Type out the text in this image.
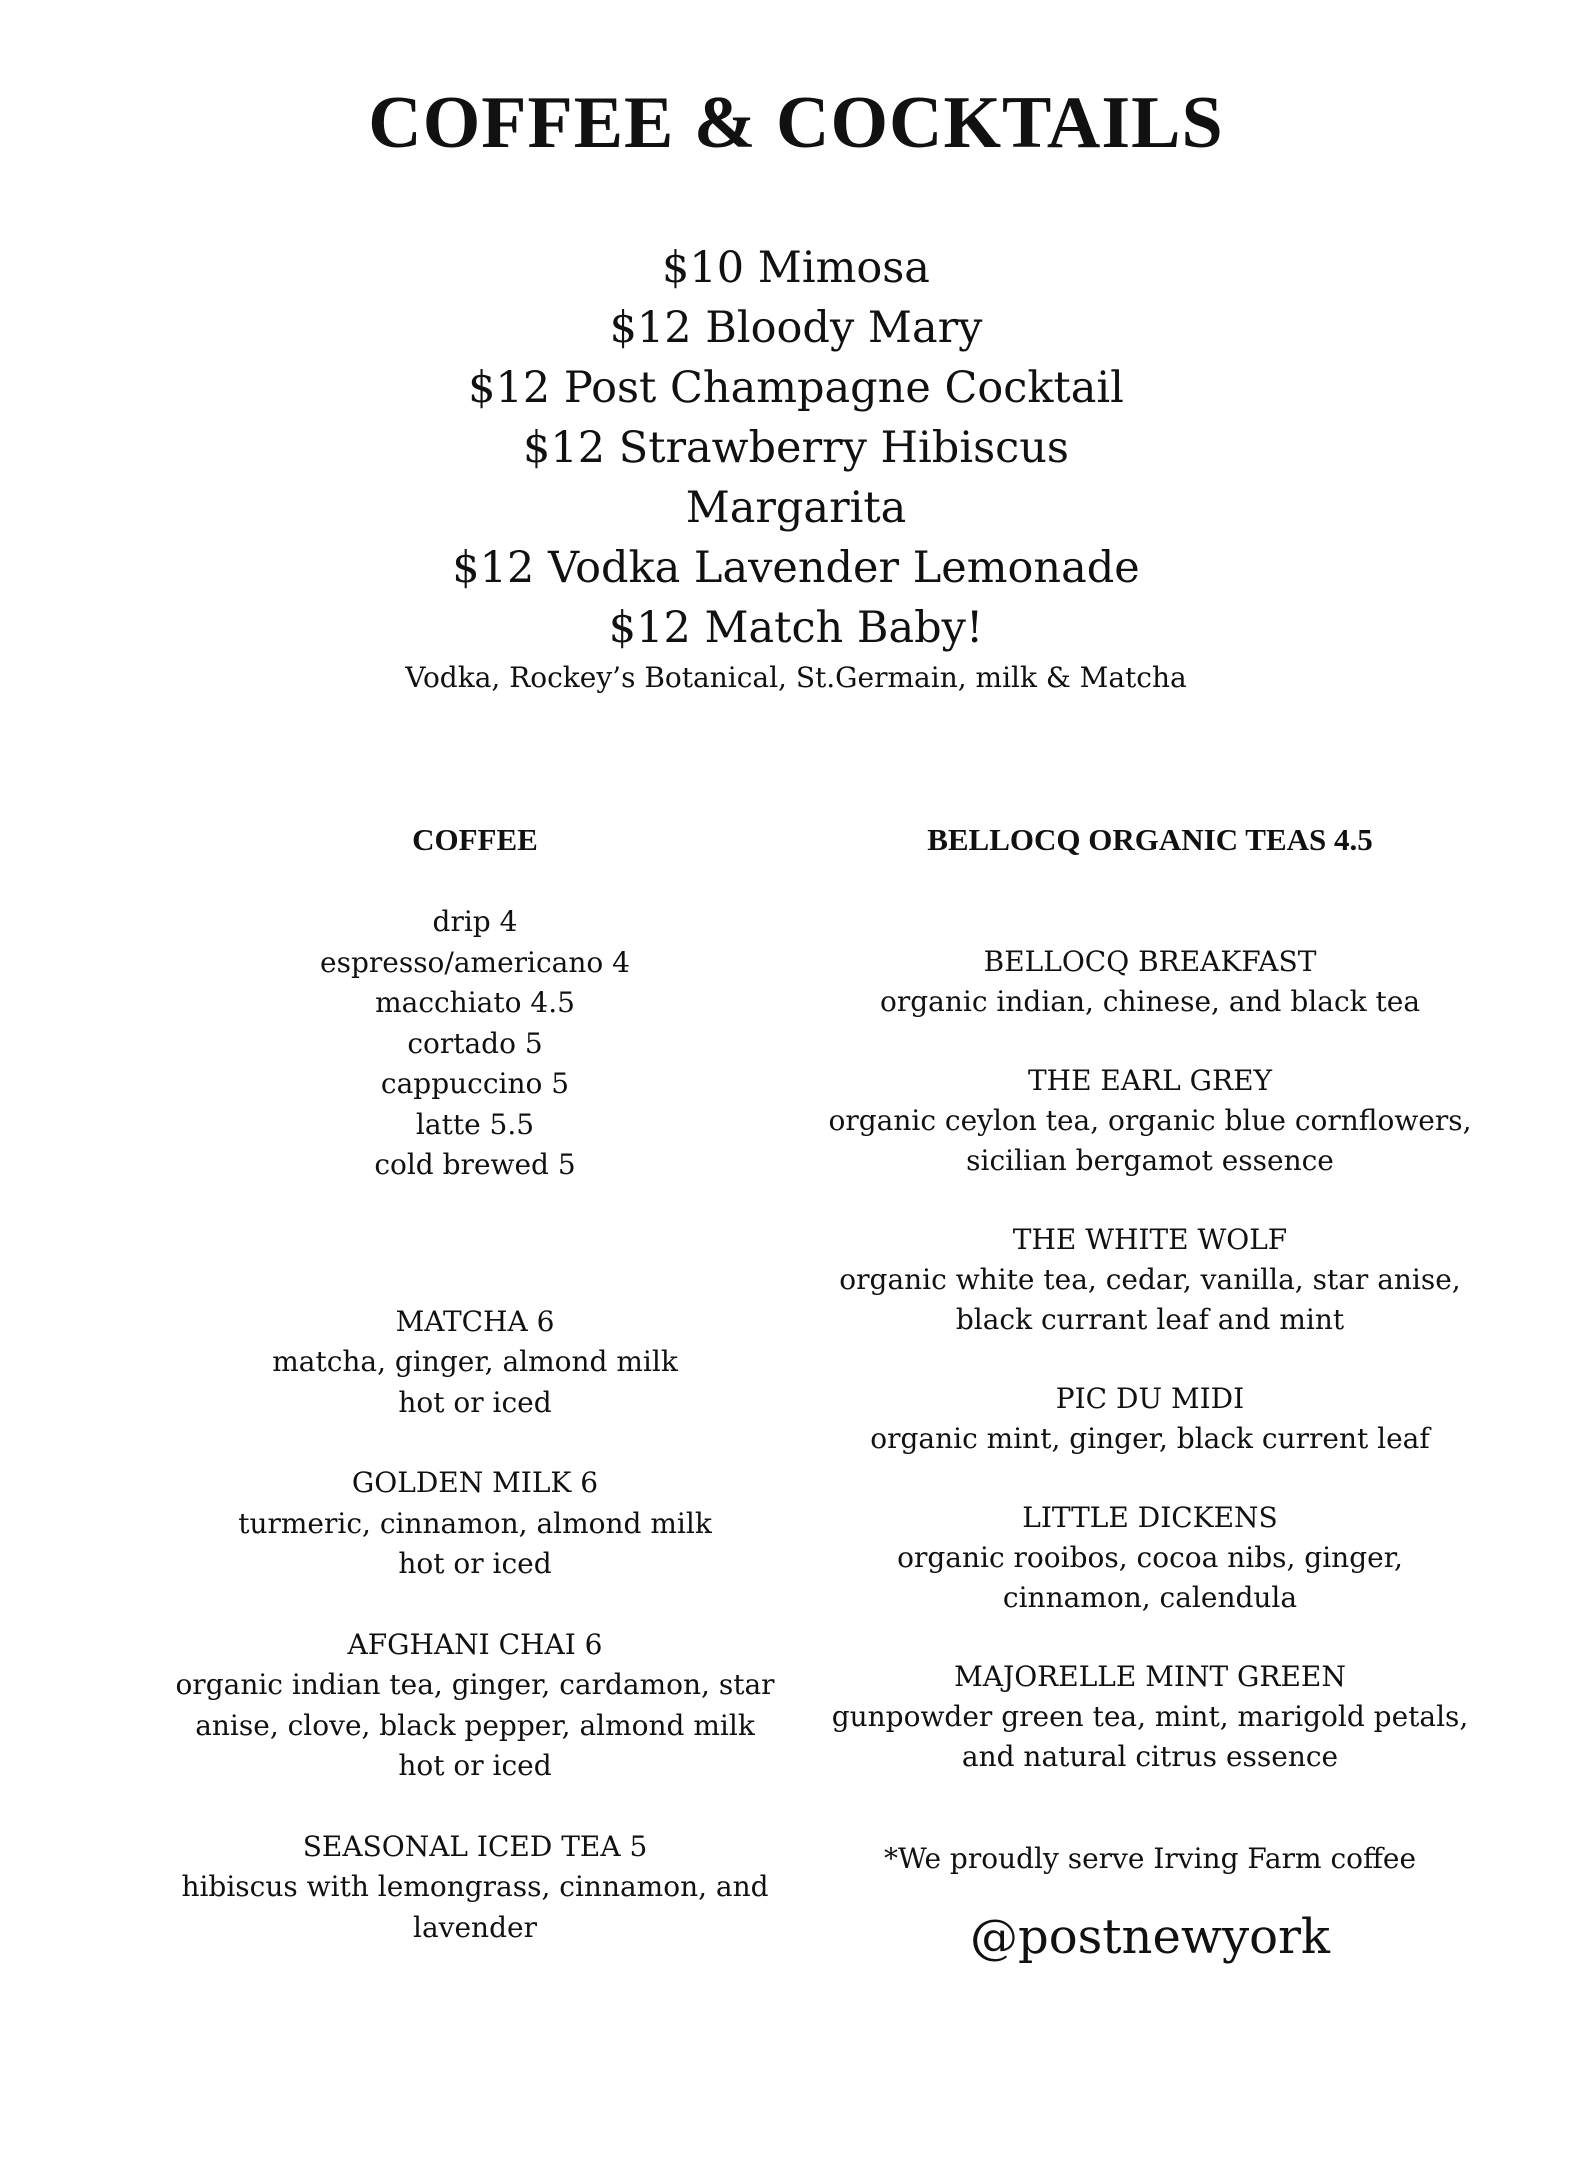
COFFEE & COCKTAILS
$10 Mimosa
$12 Bloody Mary
$12 Post Champagne Cocktail
$12 Strawberry Hibiscus
Margarita
$12 Vodka Lavender Lemonade
$12 Match Baby!
Vodka, Rockey’s Botanical, St.Germain, milk & Matcha
COFFEE
drip 4
espresso/americano 4
macchiato 4.5
cortado 5
cappuccino 5
latte 5.5
cold brewed 5
MATCHA 6
matcha, ginger, almond milk
hot or iced
GOLDEN MILK 6
turmeric, cinnamon, almond milk
hot or iced
AFGHANI CHAI 6
organic indian tea, ginger, cardamon, star
anise, clove, black pepper, almond milk
hot or iced
SEASONAL ICED TEA 5
hibiscus with lemongrass, cinnamon, and
lavender
BELLOCQ ORGANIC TEAS 4.5
BELLOCQ BREAKFAST
organic indian, chinese, and black tea
THE EARL GREY
organic ceylon tea, organic blue cornflowers,
sicilian bergamot essence
THE WHITE WOLF
organic white tea, cedar, vanilla, star anise,
black currant leaf and mint
PIC DU MIDI
organic mint, ginger, black current leaf
LITTLE DICKENS
organic rooibos, cocoa nibs, ginger,
cinnamon, calendula
MAJORELLE MINT GREEN
gunpowder green tea, mint, marigold petals,
and natural citrus essence
*We proudly serve Irving Farm coffee
@postnewyork
